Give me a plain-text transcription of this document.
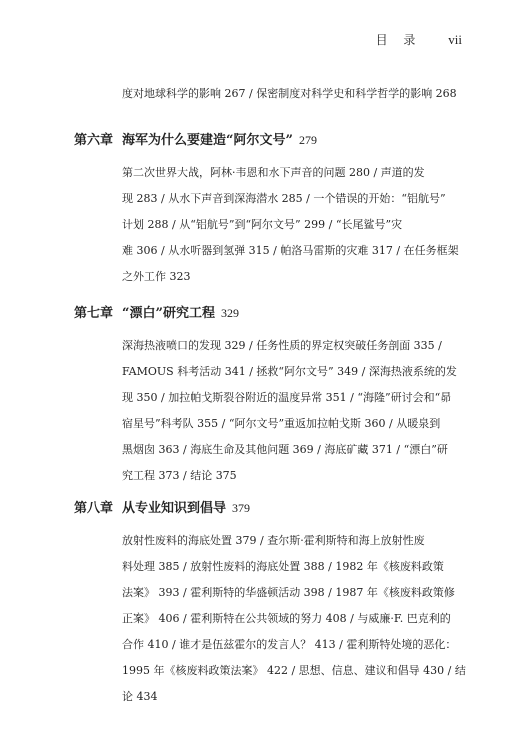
目 录 vii
度对地球科学的影响 267 / 保密制度对科学史和科学哲学的影响 268
第六章 海军为什么要建造“阿尔文号” 279
第二次世界大战，阿林·韦恩和水下声音的问题 280 / 声道的发
现 283 / 从水下声音到深海潜水 285 / 一个错误的开始：“铝航号”
计划 288 / 从“铝航号”到“阿尔文号” 299 / “长尾鲨号”灾
难 306 / 从水听器到氢弹 315 / 帕洛马雷斯的灾难 317 / 在任务框架
之外工作 323
第七章 “漂白”研究工程 329
深海热液喷口的发现 329 / 任务性质的界定权突破任务剖面 335 /
FAMOUS 科考活动 341 / 拯救“阿尔文号” 349 / 深海热液系统的发
现 350 / 加拉帕戈斯裂谷附近的温度异常 351 / “海隆”研讨会和“昴
宿星号”科考队 355 / “阿尔文号”重返加拉帕戈斯 360 / 从暖泉到
黑烟囱 363 / 海底生命及其他问题 369 / 海底矿藏 371 / “漂白”研
究工程 373 / 结论 375
第八章 从专业知识到倡导 379
放射性废料的海底处置 379 / 查尔斯·霍利斯特和海上放射性废
料处理 385 / 放射性废料的海底处置 388 / 1982 年《核废料政策
法案》 393 / 霍利斯特的华盛顿活动 398 / 1987 年《核废料政策修
正案》 406 / 霍利斯特在公共领域的努力 408 / 与威廉·F. 巴克利的
合作 410 / 谁才是伍兹霍尔的发言人？ 413 / 霍利斯特处境的恶化：
1995 年《核废料政策法案》 422 / 思想、信息、建议和倡导 430 / 结
论 434
